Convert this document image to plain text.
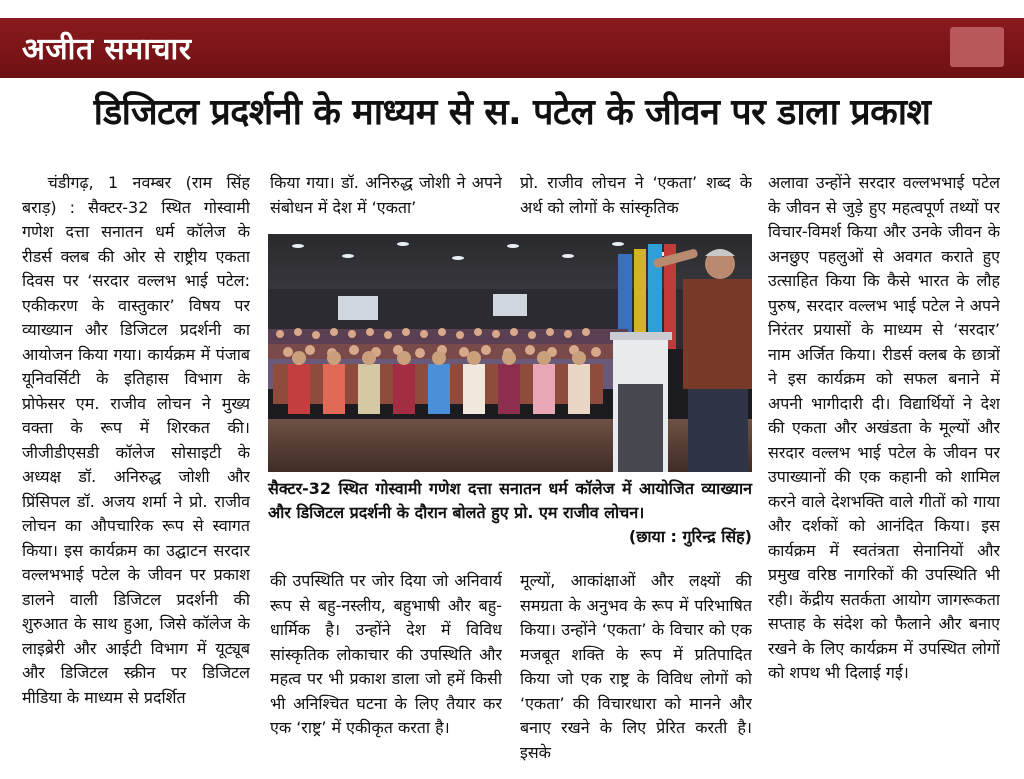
अजीत समाचार
डिजिटल प्रदर्शनी के माध्यम से स. पटेल के जीवन पर डाला प्रकाश

चंडीगढ़, 1 नवम्बर (राम सिंह बराड़) : सैक्टर-32 स्थित गोस्वामी गणेश दत्ता सनातन धर्म कॉलेज के रीडर्स क्लब की ओर से राष्ट्रीय एकता दिवस पर ‘सरदार वल्लभ भाई पटेल: एकीकरण के वास्तुकार’ विषय पर व्याख्यान और डिजिटल प्रदर्शनी का आयोजन किया गया। कार्यक्रम में पंजाब यूनिवर्सिटी के इतिहास विभाग के प्रोफेसर एम. राजीव लोचन ने मुख्य वक्ता के रूप में शिरकत की। जीजीडीएसडी कॉलेज सोसाइटी के अध्यक्ष डॉ. अनिरुद्ध जोशी और प्रिंसिपल डॉ. अजय शर्मा ने प्रो. राजीव लोचन का औपचारिक रूप से स्वागत किया। इस कार्यक्रम का उद्घाटन सरदार वल्लभभाई पटेल के जीवन पर प्रकाश डालने वाली डिजिटल प्रदर्शनी की शुरुआत के साथ हुआ, जिसे कॉलेज के लाइब्रेरी और आईटी विभाग में यूट्यूब और डिजिटल स्क्रीन पर डिजिटल मीडिया के माध्यम से प्रदर्शित

किया गया। डॉ. अनिरुद्ध जोशी ने अपने संबोधन में देश में ‘एकता’

प्रो. राजीव लोचन ने ‘एकता’ शब्द के अर्थ को लोगों के सांस्कृतिक

अलावा उन्होंने सरदार वल्लभभाई पटेल के जीवन से जुड़े हुए महत्वपूर्ण तथ्यों पर विचार-विमर्श किया और उनके जीवन के अनछुए पहलुओं से अवगत कराते हुए उत्साहित किया कि कैसे भारत के लौह पुरुष, सरदार वल्लभ भाई पटेल ने अपने निरंतर प्रयासों के माध्यम से ‘सरदार’ नाम अर्जित किया। रीडर्स क्लब के छात्रों ने इस कार्यक्रम को सफल बनाने में अपनी भागीदारी दी। विद्यार्थियों ने देश की एकता और अखंडता के मूल्यों और सरदार वल्लभ भाई पटेल के जीवन पर उपाख्यानों की एक कहानी को शामिल करने वाले देशभक्ति वाले गीतों को गाया और दर्शकों को आनंदित किया। इस कार्यक्रम में स्वतंत्रता सेनानियों और प्रमुख वरिष्ठ नागरिकों की उपस्थिति भी रही। केंद्रीय सतर्कता आयोग जागरूकता सप्ताह के संदेश को फैलाने और बनाए रखने के लिए कार्यक्रम में उपस्थित लोगों को शपथ भी दिलाई गई।

सैक्टर-32 स्थित गोस्वामी गणेश दत्ता सनातन धर्म कॉलेज में आयोजित व्याख्यान और डिजिटल प्रदर्शनी के दौरान बोलते हुए प्रो. एम राजीव लोचन।
(छाया : गुरिन्द्र सिंह)

की उपस्थिति पर जोर दिया जो अनिवार्य रूप से बहु-नस्लीय, बहुभाषी और बहु-धार्मिक है। उन्होंने देश में विविध सांस्कृतिक लोकाचार की उपस्थिति और महत्व पर भी प्रकाश डाला जो हमें किसी भी अनिश्चित घटना के लिए तैयार कर एक ‘राष्ट्र’ में एकीकृत करता है।

मूल्यों, आकांक्षाओं और लक्ष्यों की समग्रता के अनुभव के रूप में परिभाषित किया। उन्होंने ‘एकता’ के विचार को एक मजबूत शक्ति के रूप में प्रतिपादित किया जो एक राष्ट्र के विविध लोगों को ‘एकता’ की विचारधारा को मानने और बनाए रखने के लिए प्रेरित करती है। इसके
